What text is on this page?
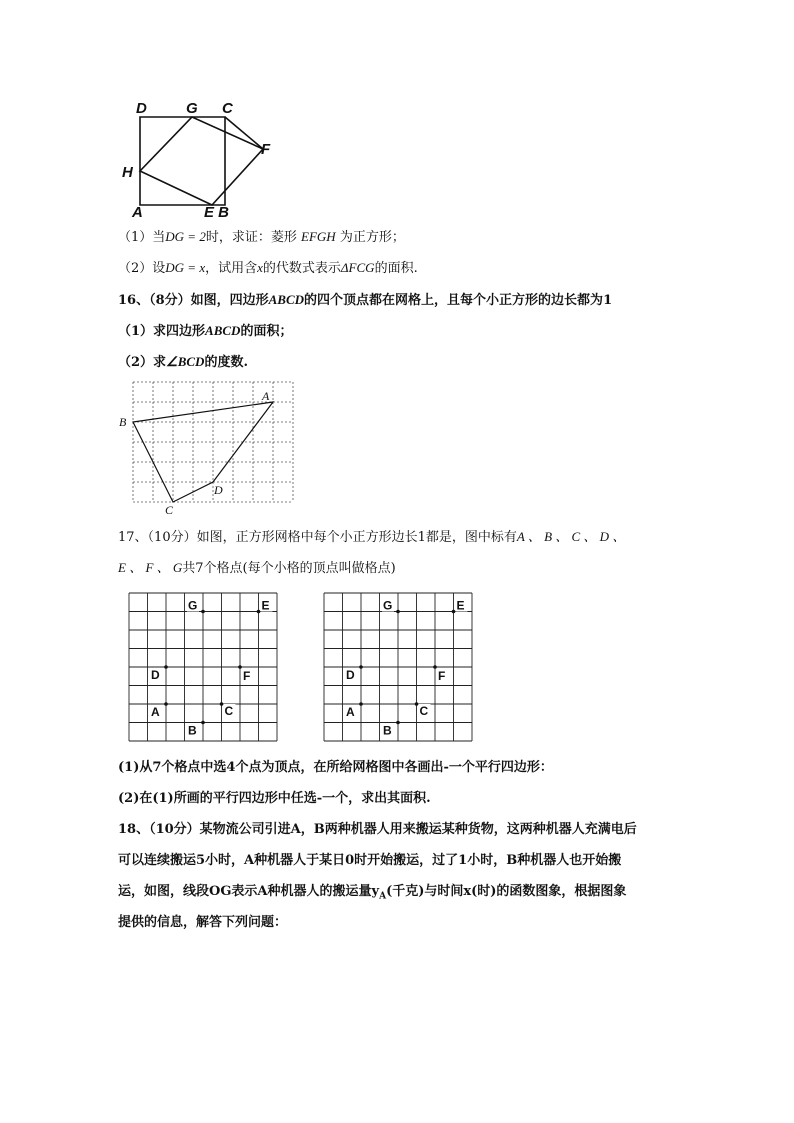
D	G C
F
H
A	E B
（1）当DG = 2时，求证：菱形 EFGH 为正方形；
（2）设DG = x，试用含x的代数式表示ΔFCG的面积.
16、（8分）如图，四边形ABCD的四个顶点都在网格上，且每个小正方形的边长都为1
（1）求四边形ABCD的面积；
（2）求∠BCD的度数.
A
B
C
D
17、（10分）如图，正方形网格中每个小正方形边长1都是，图中标有A 、 B 、 C 、 D 、
E 、 F 、 G共7个格点(每个小格的顶点叫做格点)
G	E
D	F
A	C
B
G	E
D	F
A	C
B
(1)从7个格点中选4个点为顶点，在所给网格图中各画出-一个平行四边形：
(2)在(1)所画的平行四边形中任选-一个，求出其面积.
18、（10分）某物流公司引进A，B两种机器人用来搬运某种货物，这两种机器人充满电后
可以连续搬运5小时，A种机器人于某日0时开始搬运，过了1小时，B种机器人也开始搬
运，如图，线段OG表示A种机器人的搬运量$y_A$(千克)与时间x(时)的函数图象，根据图象
提供的信息，解答下列问题：
